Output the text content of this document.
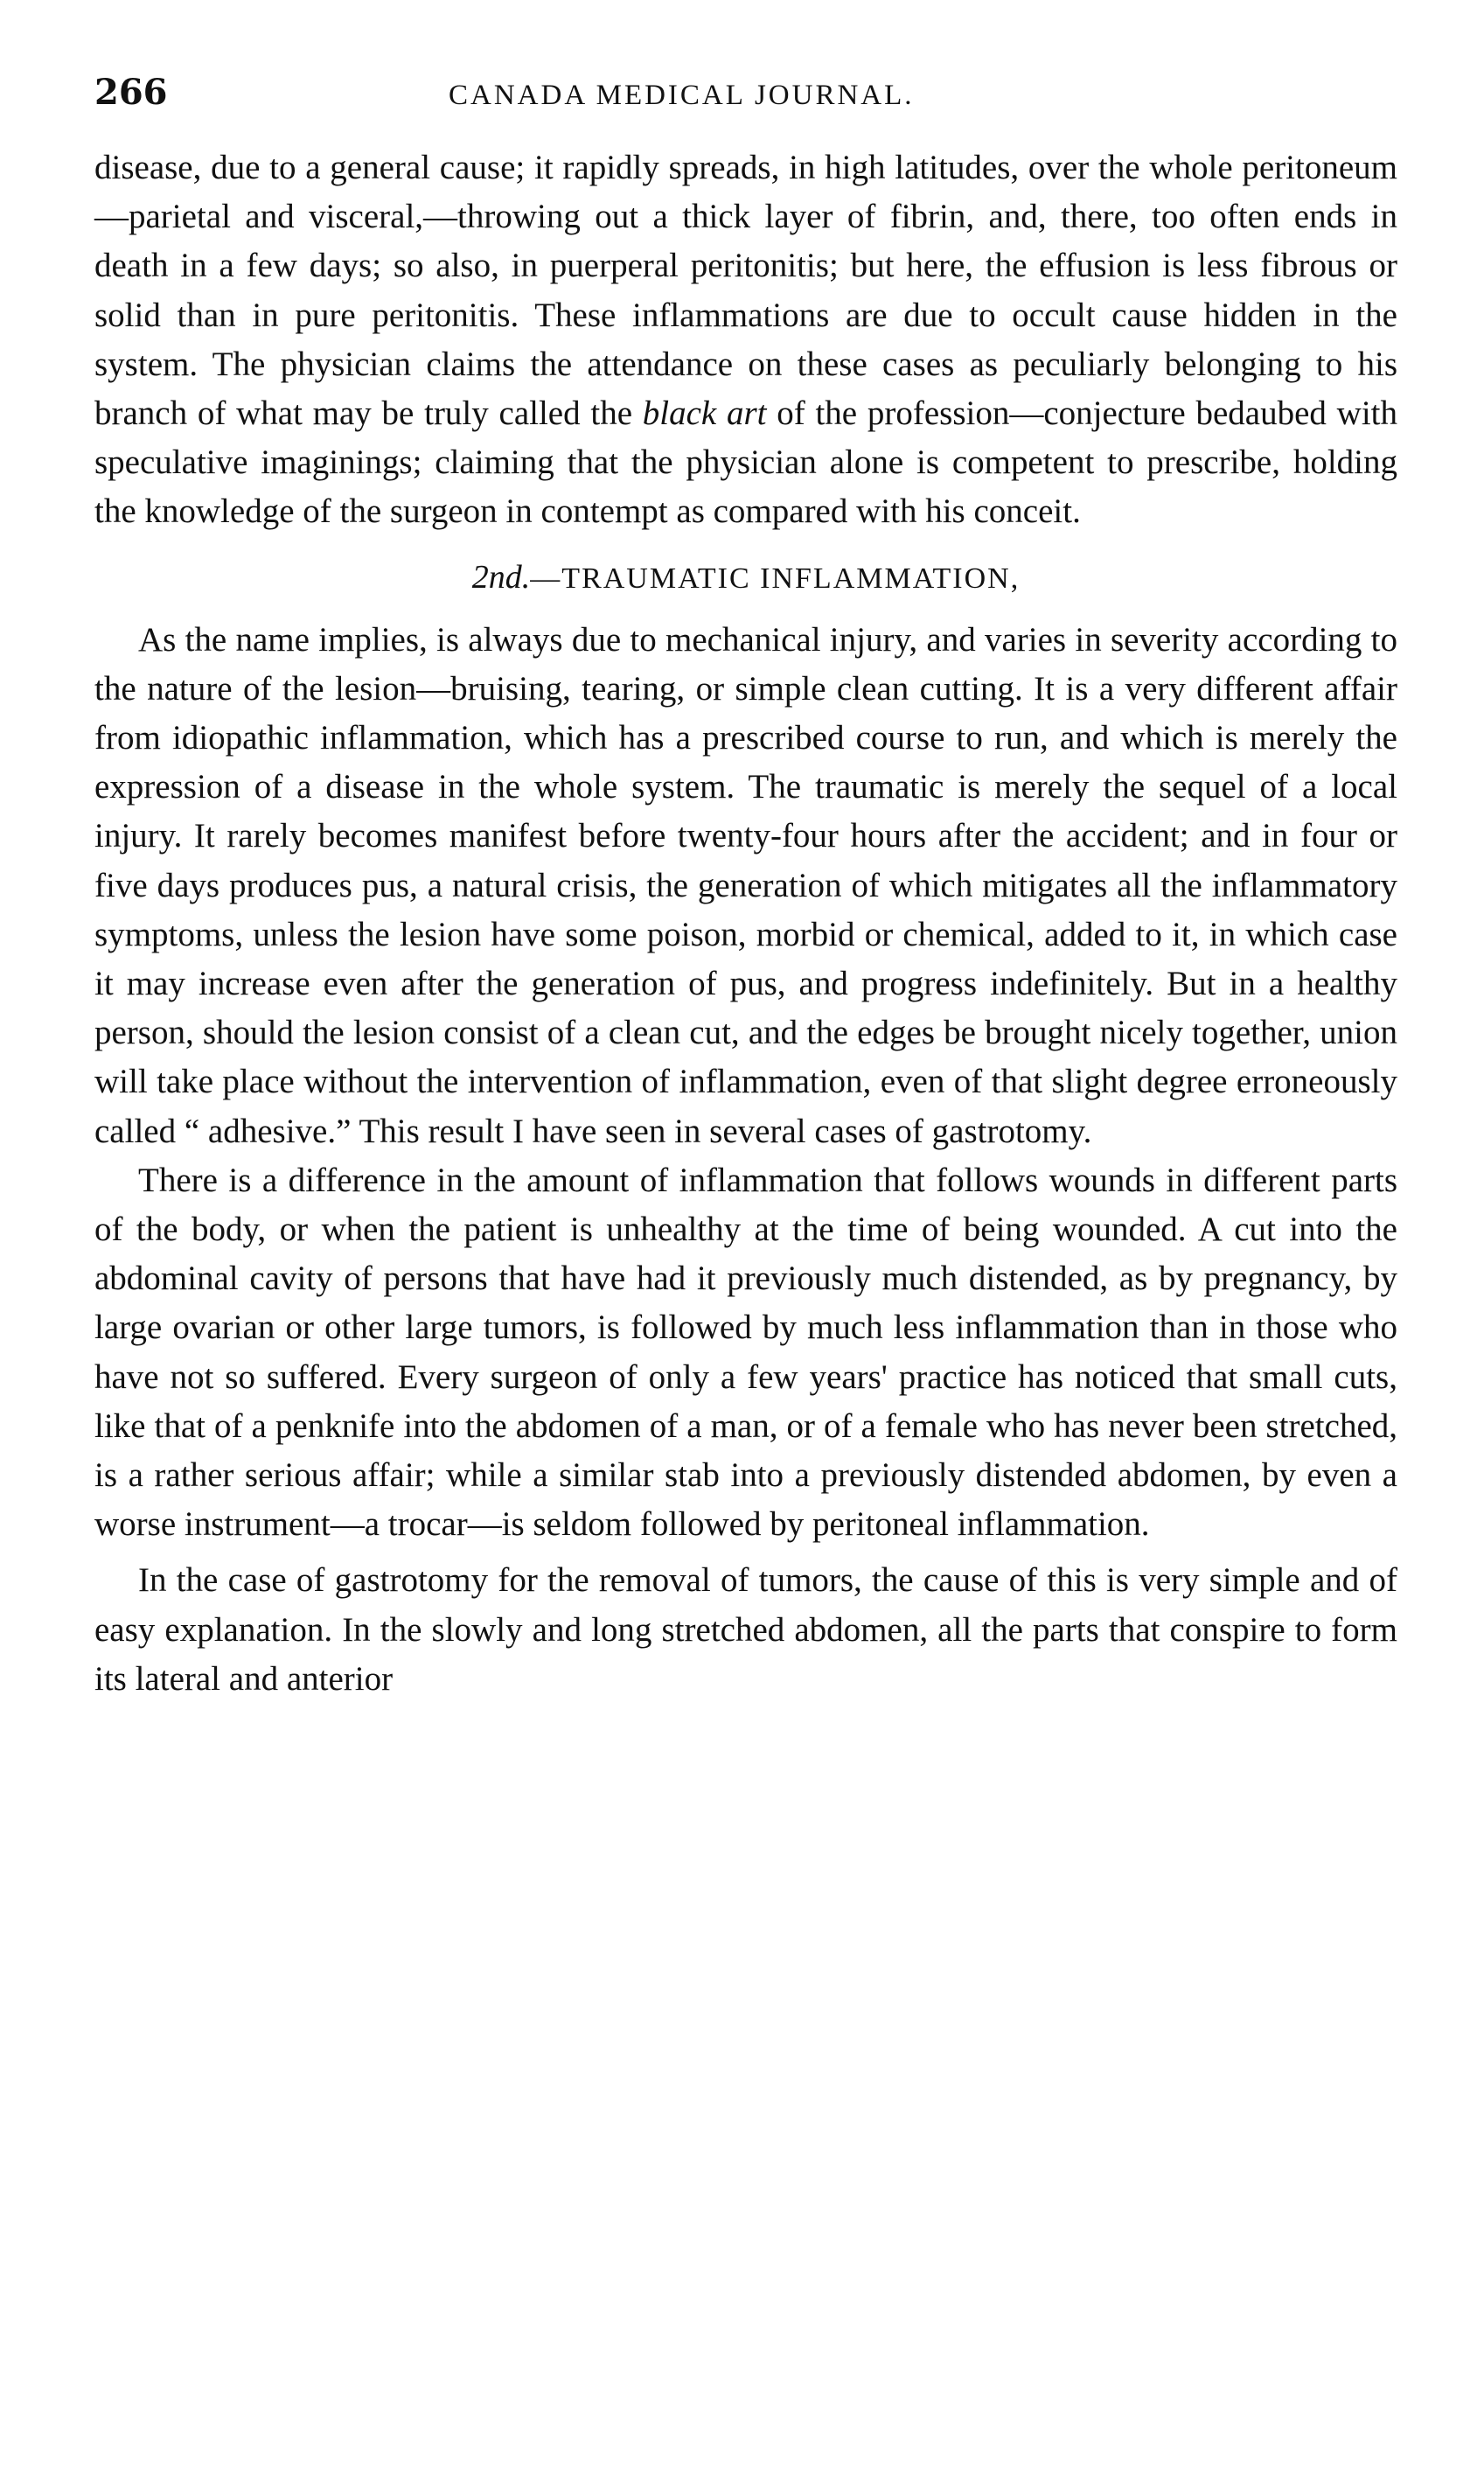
266	CANADA MEDICAL JOURNAL.

disease, due to a general cause; it rapidly spreads, in high latitudes, over the whole peritoneum—parietal and visceral,—throwing out a thick layer of fibrin, and, there, too often ends in death in a few days; so also, in puerperal peritonitis; but here, the effusion is less fibrous or solid than in pure peritonitis. These inflammations are due to occult cause hidden in the system. The physician claims the attendance on these cases as peculiarly belonging to his branch of what may be truly called the black art of the profession—conjecture bedaubed with speculative imaginings; claiming that the physician alone is competent to prescribe, holding the knowledge of the surgeon in contempt as compared with his conceit.

2nd.—TRAUMATIC INFLAMMATION,

As the name implies, is always due to mechanical injury, and varies in severity according to the nature of the lesion—bruising, tearing, or simple clean cutting. It is a very different affair from idiopathic inflammation, which has a prescribed course to run, and which is merely the expression of a disease in the whole system. The traumatic is merely the sequel of a local injury. It rarely becomes manifest before twenty-four hours after the accident; and in four or five days produces pus, a natural crisis, the generation of which mitigates all the inflammatory symptoms, unless the lesion have some poison, morbid or chemical, added to it, in which case it may increase even after the generation of pus, and progress indefinitely. But in a healthy person, should the lesion consist of a clean cut, and the edges be brought nicely together, union will take place without the intervention of inflammation, even of that slight degree erroneously called “ adhesive.” This result I have seen in several cases of gastrotomy.

There is a difference in the amount of inflammation that follows wounds in different parts of the body, or when the patient is unhealthy at the time of being wounded. A cut into the abdominal cavity of persons that have had it previously much distended, as by pregnancy, by large ovarian or other large tumors, is followed by much less inflammation than in those who have not so suffered. Every surgeon of only a few years' practice has noticed that small cuts, like that of a penknife into the abdomen of a man, or of a female who has never been stretched, is a rather serious affair; while a similar stab into a previously distended abdomen, by even a worse instrument—a trocar—is seldom followed by peritoneal inflammation.

In the case of gastrotomy for the removal of tumors, the cause of this is very simple and of easy explanation. In the slowly and long stretched abdomen, all the parts that conspire to form its lateral and anterior
